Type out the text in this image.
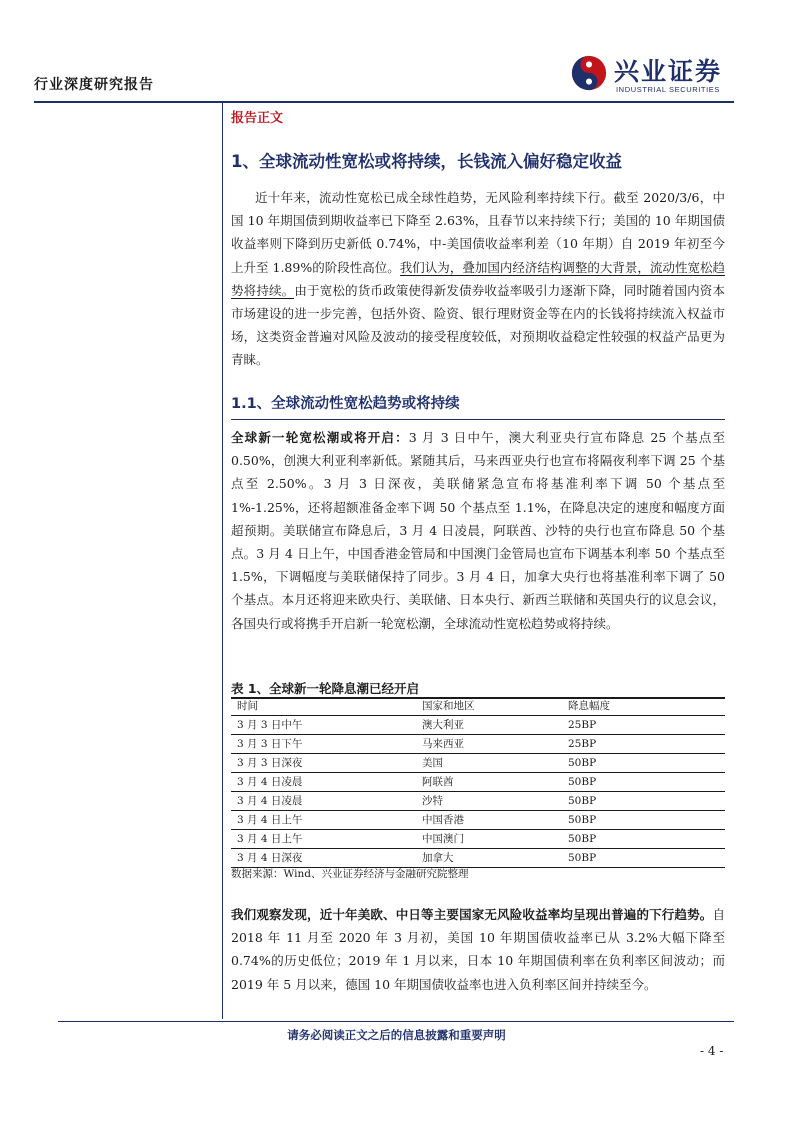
行业深度研究报告	兴业证券
INDUSTRIAL SECURITIES
报告正文
1、全球流动性宽松或将持续，长钱流入偏好稳定收益

近十年来，流动性宽松已成全球性趋势，无风险利率持续下行。截至 2020/3/6，中国 10 年期国债到期收益率已下降至 2.63%，且春节以来持续下行；美国的 10 年期国债收益率则下降到历史新低 0.74%，中-美国债收益率利差（10 年期）自 2019 年初至今上升至 1.89%的阶段性高位。我们认为，叠加国内经济结构调整的大背景，流动性宽松趋势将持续。由于宽松的货币政策使得新发债券收益率吸引力逐渐下降，同时随着国内资本市场建设的进一步完善，包括外资、险资、银行理财资金等在内的长钱将持续流入权益市场，这类资金普遍对风险及波动的接受程度较低，对预期收益稳定性较强的权益产品更为青睐。

1.1、全球流动性宽松趋势或将持续

全球新一轮宽松潮或将开启：3 月 3 日中午，澳大利亚央行宣布降息 25 个基点至 0.50%，创澳大利亚利率新低。紧随其后，马来西亚央行也宣布将隔夜利率下调 25 个基点至 2.50%。3 月 3 日深夜，美联储紧急宣布将基准利率下调 50 个基点至 1%-1.25%，还将超额准备金率下调 50 个基点至 1.1%，在降息决定的速度和幅度方面超预期。美联储宣布降息后，3 月 4 日凌晨，阿联酋、沙特的央行也宣布降息 50 个基点。3 月 4 日上午，中国香港金管局和中国澳门金管局也宣布下调基本利率 50 个基点至 1.5%，下调幅度与美联储保持了同步。3 月 4 日，加拿大央行也将基准利率下调了 50 个基点。本月还将迎来欧央行、美联储、日本央行、新西兰联储和英国央行的议息会议，各国央行或将携手开启新一轮宽松潮，全球流动性宽松趋势或将持续。

表 1、全球新一轮降息潮已经开启
时间	国家和地区	降息幅度
3 月 3 日中午	澳大利亚	25BP
3 月 3 日下午	马来西亚	25BP
3 月 3 日深夜	美国	50BP
3 月 4 日凌晨	阿联酋	50BP
3 月 4 日凌晨	沙特	50BP
3 月 4 日上午	中国香港	50BP
3 月 4 日上午	中国澳门	50BP
3 月 4 日深夜	加拿大	50BP
数据来源：Wind、兴业证券经济与金融研究院整理

我们观察发现，近十年美欧、中日等主要国家无风险收益率均呈现出普遍的下行趋势。自 2018 年 11 月至 2020 年 3 月初，美国 10 年期国债收益率已从 3.2%大幅下降至 0.74%的历史低位；2019 年 1 月以来，日本 10 年期国债利率在负利率区间波动；而 2019 年 5 月以来，德国 10 年期国债收益率也进入负利率区间并持续至今。

请务必阅读正文之后的信息披露和重要声明
- 4 -
